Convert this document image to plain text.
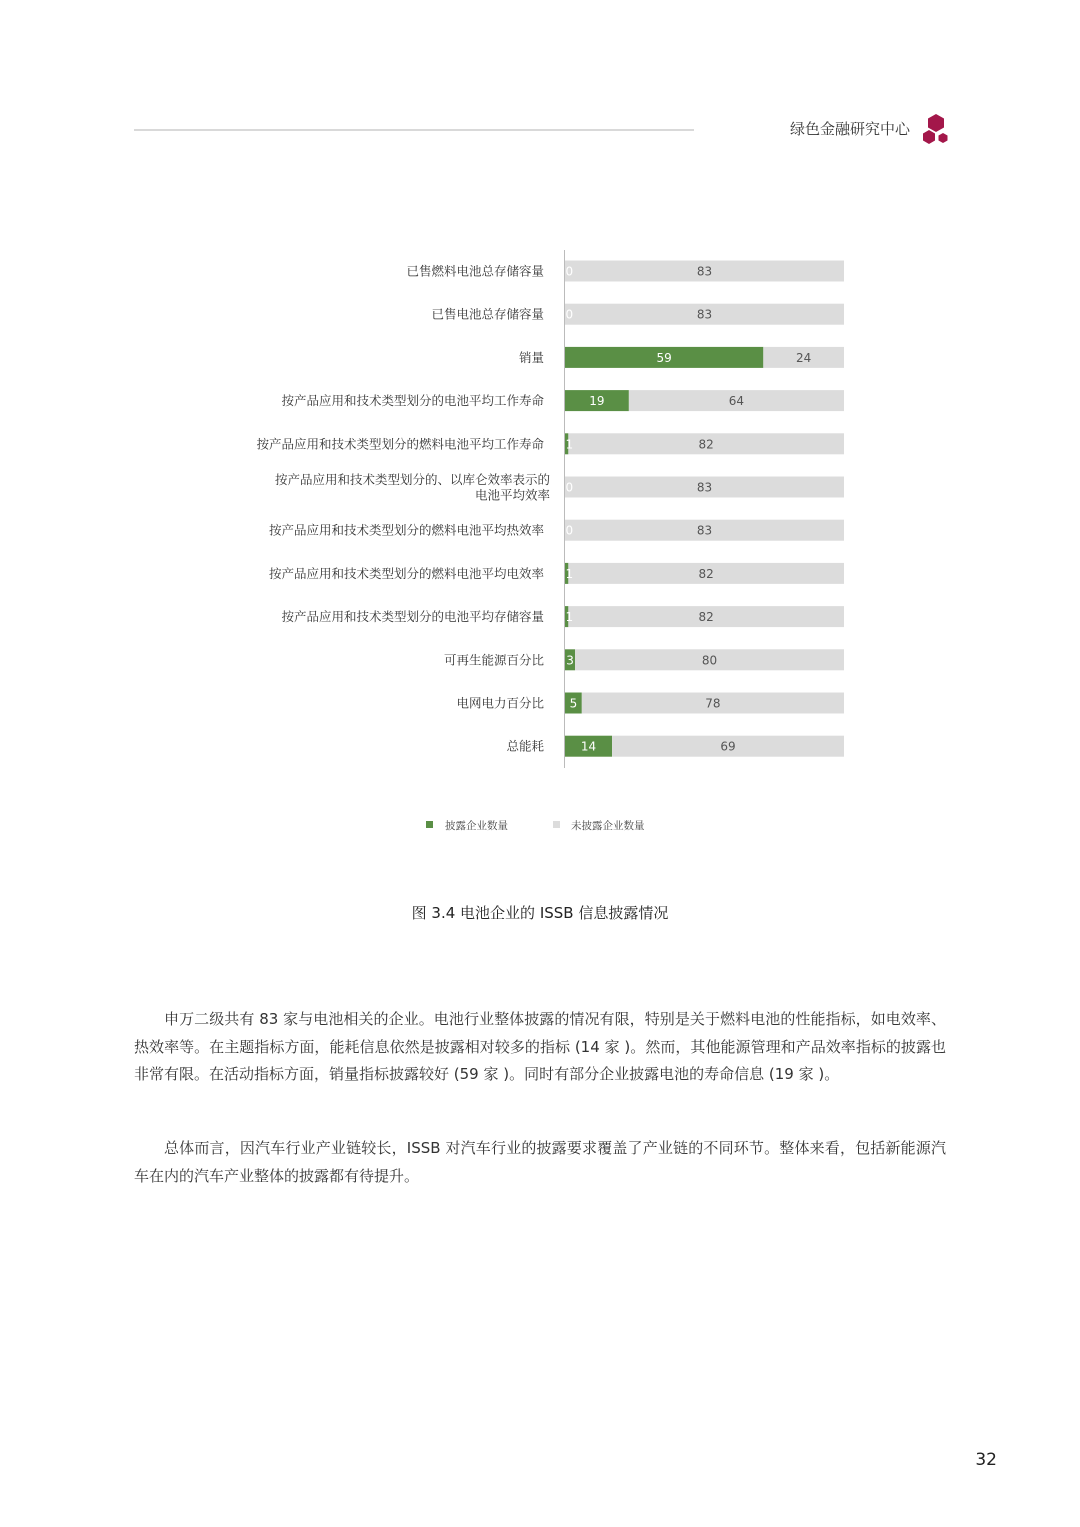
绿色金融研究中心
已售燃料电池总存储容量 0	83
已售电池总存储容量 0	83
销量	59	24
按产品应用和技术类型划分的电池平均工作寿命	19	64
按产品应用和技术类型划分的燃料电池平均工作寿命 1	82
按产品应用和技术类型划分的、以库仑效率表示的电池平均效率 0	83
按产品应用和技术类型划分的燃料电池平均热效率 0	83
按产品应用和技术类型划分的燃料电池平均电效率 1	82
按产品应用和技术类型划分的电池平均存储容量 1	82
可再生能源百分比 3	80
电网电力百分比 5	78
总能耗	14	69
披露企业数量	未披露企业数量
图 3.4 电池企业的 ISSB 信息披露情况

申万二级共有 83 家与电池相关的企业。电池行业整体披露的情况有限，特别是关于燃料电池的性能指标，如电效率、热效率等。在主题指标方面，能耗信息依然是披露相对较多的指标 (14 家 )。然而，其他能源管理和产品效率指标的披露也非常有限。在活动指标方面，销量指标披露较好 (59 家 )。同时有部分企业披露电池的寿命信息 (19 家 )。

总体而言，因汽车行业产业链较长，ISSB 对汽车行业的披露要求覆盖了产业链的不同环节。整体来看，包括新能源汽车在内的汽车产业整体的披露都有待提升。

32
